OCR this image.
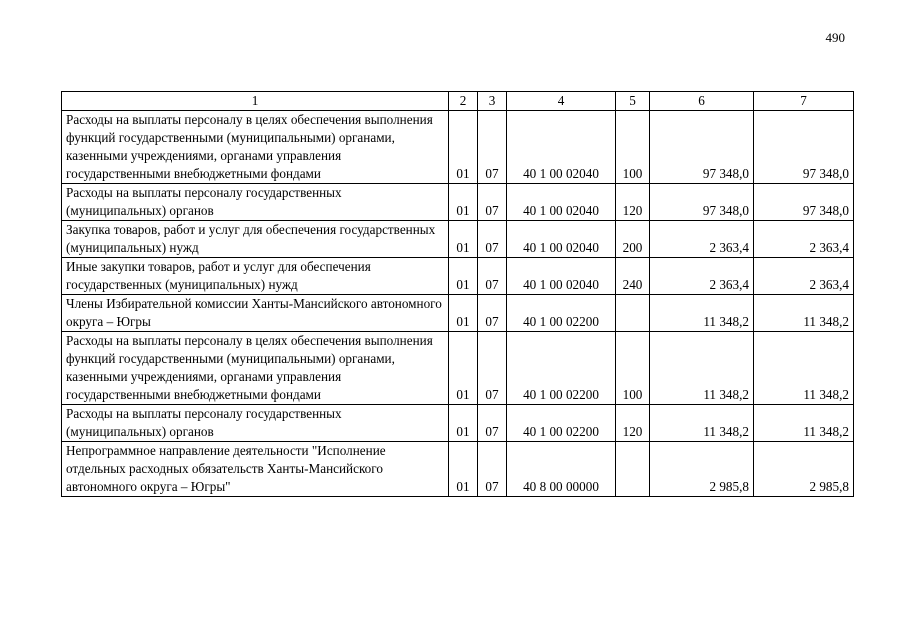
490
1	2	3	4	5	6	7
Расходы на выплаты персоналу в целях обеспечения выполнения функций государственными (муниципальными) органами, казенными учреждениями, органами управления государственными внебюджетными фондами	01	07	40 1 00 02040	100	97 348,0	97 348,0
Расходы на выплаты персоналу государственных (муниципальных) органов	01	07	40 1 00 02040	120	97 348,0	97 348,0
Закупка товаров, работ и услуг для обеспечения государственных (муниципальных) нужд	01	07	40 1 00 02040	200	2 363,4	2 363,4
Иные закупки товаров, работ и услуг для обеспечения государственных (муниципальных) нужд	01	07	40 1 00 02040	240	2 363,4	2 363,4
Члены Избирательной комиссии Ханты-Мансийского автономного округа – Югры	01	07	40 1 00 02200		11 348,2	11 348,2
Расходы на выплаты персоналу в целях обеспечения выполнения функций государственными (муниципальными) органами, казенными учреждениями, органами управления государственными внебюджетными фондами	01	07	40 1 00 02200	100	11 348,2	11 348,2
Расходы на выплаты персоналу государственных (муниципальных) органов	01	07	40 1 00 02200	120	11 348,2	11 348,2
Непрограммное направление деятельности "Исполнение отдельных расходных обязательств Ханты-Мансийского автономного округа – Югры"	01	07	40 8 00 00000		2 985,8	2 985,8
